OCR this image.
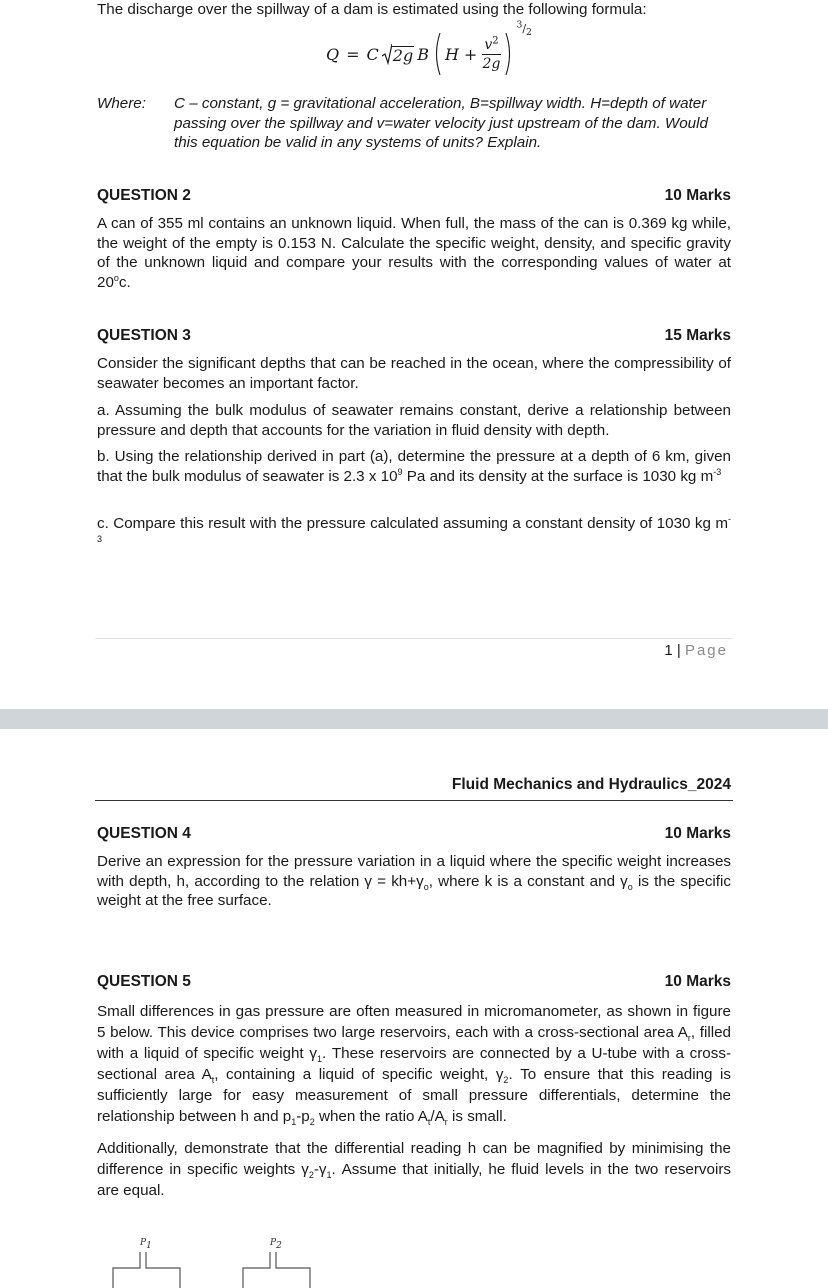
The discharge over the spillway of a dam is estimated using the following formula:
Q = C 2g B $H + \frac{v^2}{2g}$
$^3/_2$
Where: C – constant, g = gravitational acceleration, B=spillway width. H=depth of water passing over the spillway and v=water velocity just upstream of the dam. Would this equation be valid in any systems of units? Explain.
QUESTION 2	10 Marks
A can of 355 ml contains an unknown liquid. When full, the mass of the can is 0.369 kg while, the weight of the empty is 0.153 N. Calculate the specific weight, density, and specific gravity of the unknown liquid and compare your results with the corresponding values of water at 20$^o$c.
QUESTION 3	15 Marks
Consider the significant depths that can be reached in the ocean, where the compressibility of seawater becomes an important factor.
a. Assuming the bulk modulus of seawater remains constant, derive a relationship between pressure and depth that accounts for the variation in fluid density with depth.
b. Using the relationship derived in part (a), determine the pressure at a depth of 6 km, given that the bulk modulus of seawater is 2.3 x $10^9$ Pa and its density at the surface is 1030 kg $m^{-3}$
c. Compare this result with the pressure calculated assuming a constant density of 1030 kg $m^{-3}$
1 | Page
Fluid Mechanics and Hydraulics_2024
QUESTION 4	10 Marks
Derive an expression for the pressure variation in a liquid where the specific weight increases with depth, h, according to the relation $\gamma = kh+\gamma_o$, where k is a constant and $\gamma_o$ is the specific weight at the free surface.
QUESTION 5	10 Marks
Small differences in gas pressure are often measured in micromanometer, as shown in figure 5 below. This device comprises two large reservoirs, each with a cross-sectional area $A_r$, filled with a liquid of specific weight $\gamma_1$. These reservoirs are connected by a U-tube with a cross-sectional area $A_t$, containing a liquid of specific weight, $\gamma_2$. To ensure that this reading is sufficiently large for easy measurement of small pressure differentials, determine the relationship between h and $p_1-p_2$ when the ratio $A_t/A_r$ is small.
Additionally, demonstrate that the differential reading h can be magnified by minimising the difference in specific weights $\gamma_2-\gamma_1$. Assume that initially, he fluid levels in the two reservoirs are equal.
$P_1$	$P_2$
